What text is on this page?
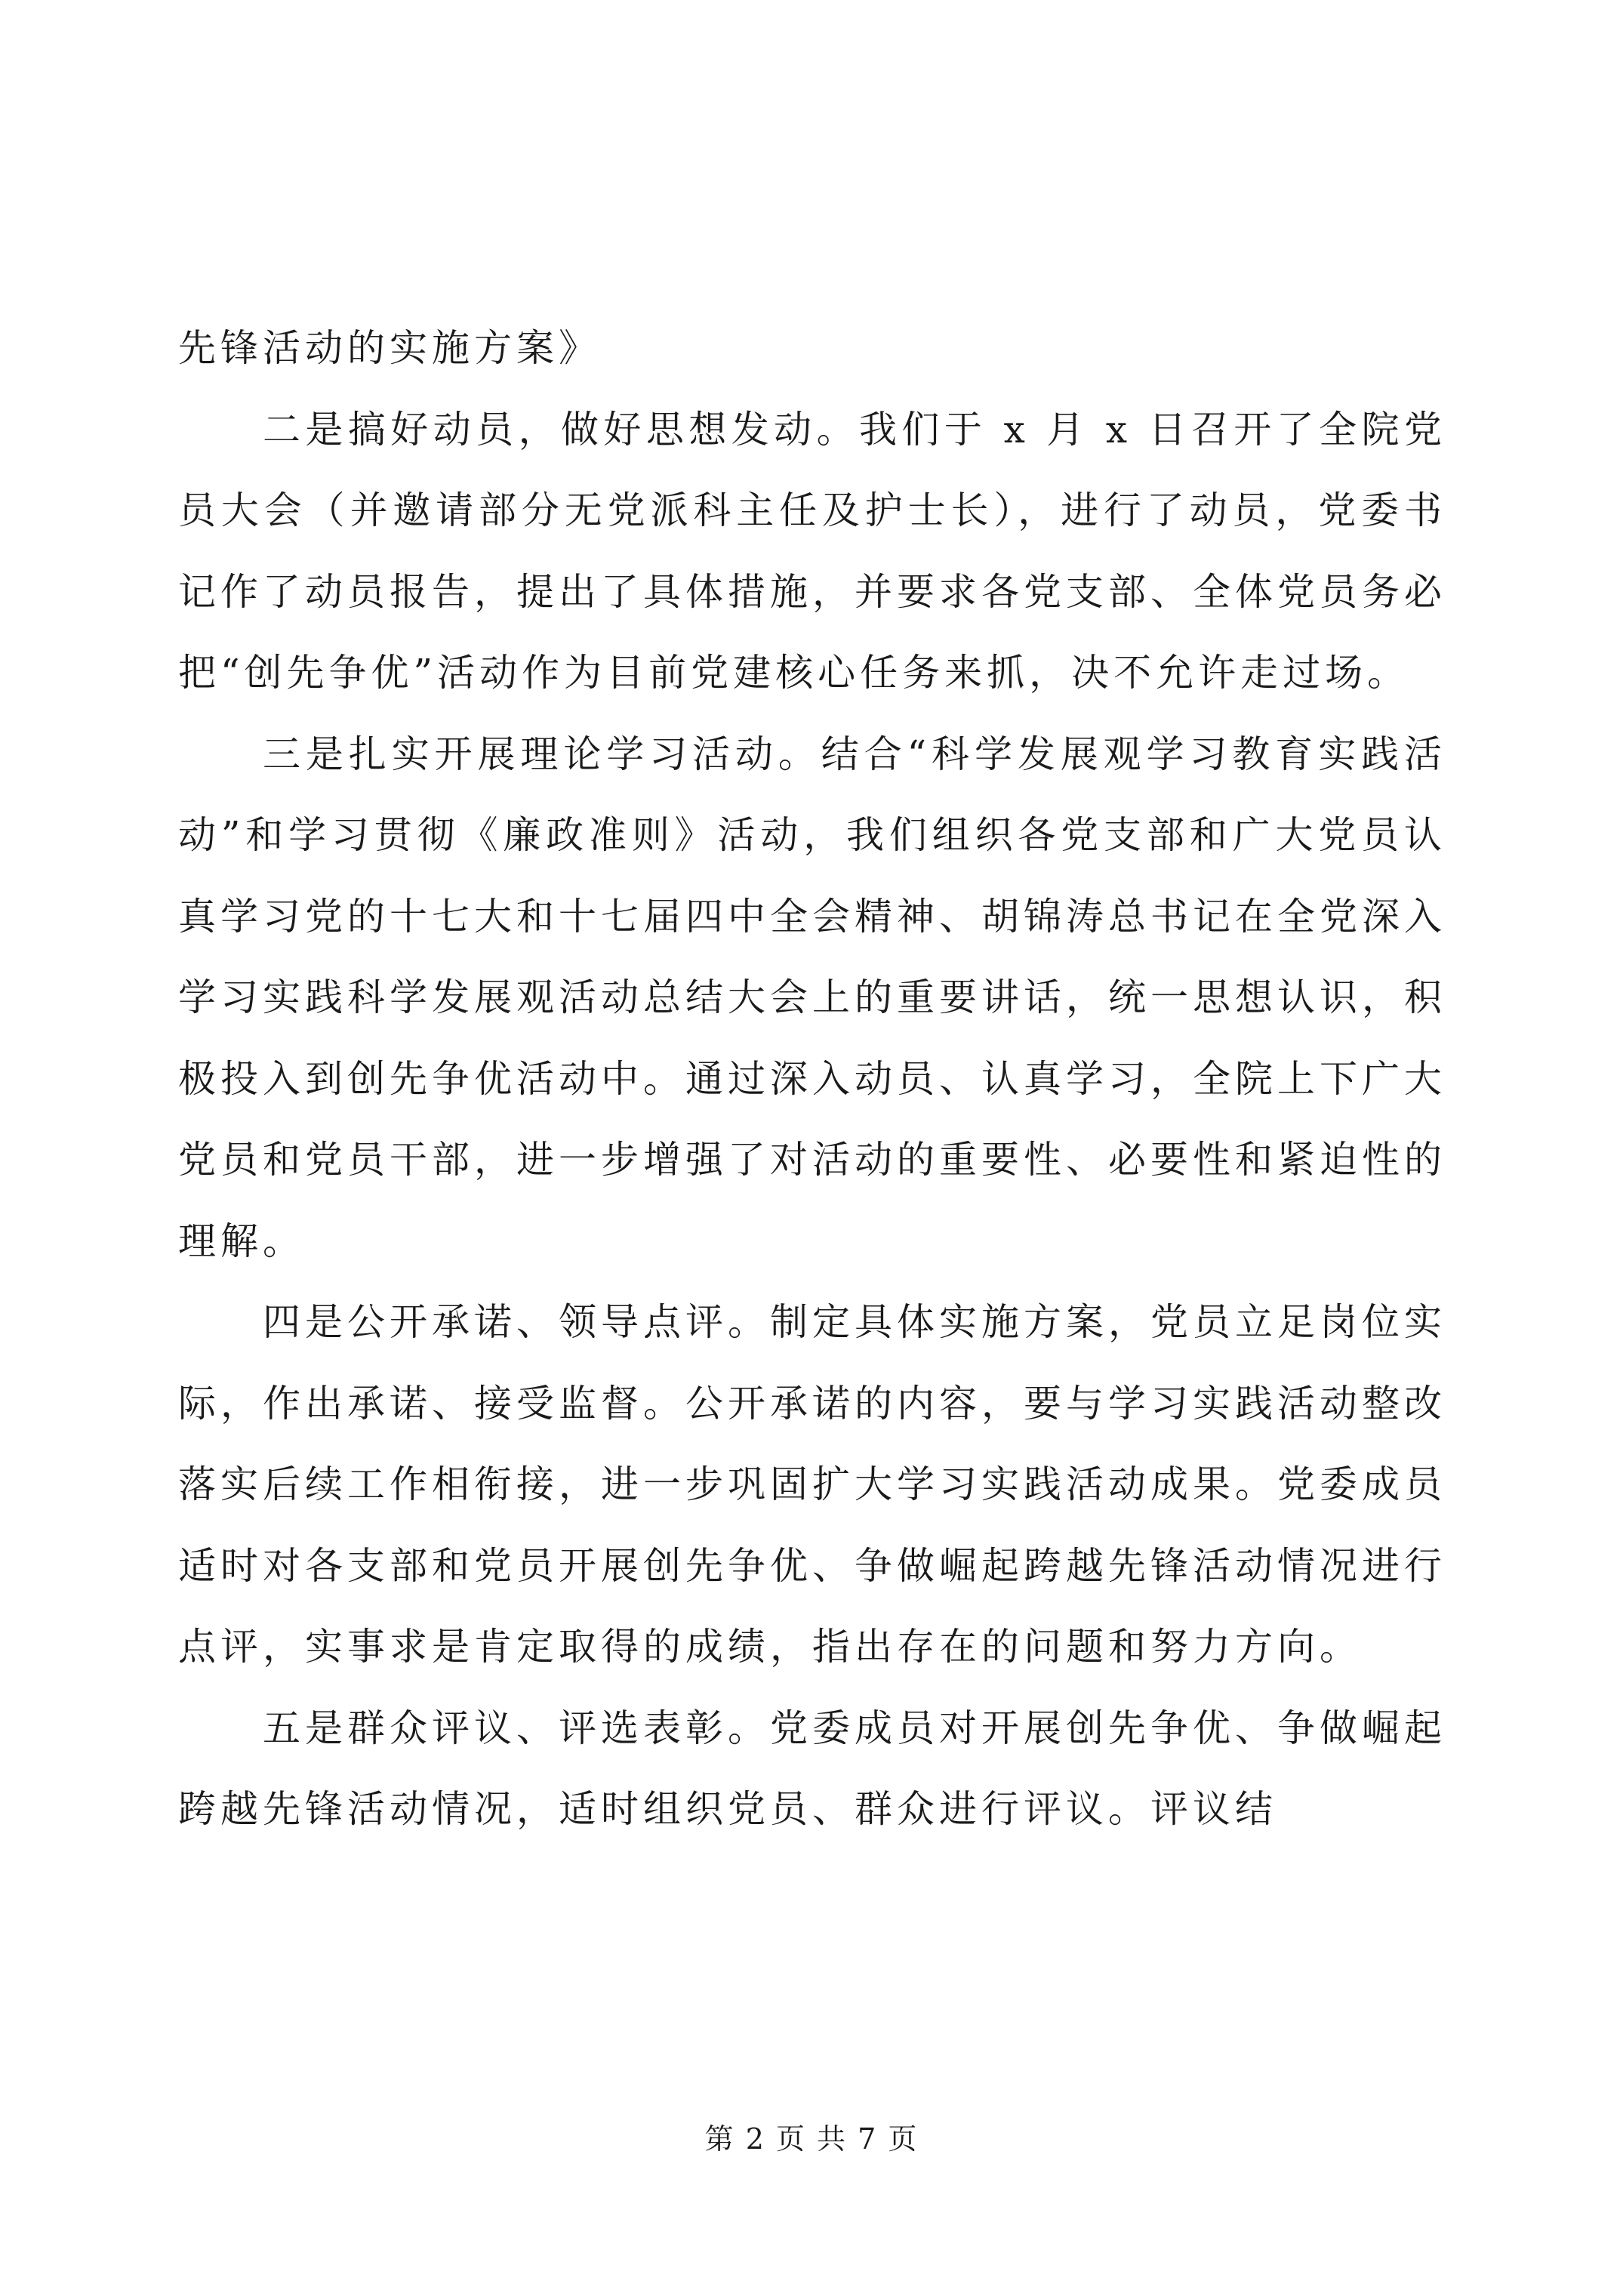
先锋活动的实施方案》

二是搞好动员，做好思想发动。我们于 x 月 x 日召开了全院党员大会（并邀请部分无党派科主任及护士长），进行了动员，党委书记作了动员报告，提出了具体措施，并要求各党支部、全体党员务必把“创先争优”活动作为目前党建核心任务来抓，决不允许走过场。

三是扎实开展理论学习活动。结合“科学发展观学习教育实践活动”和学习贯彻《廉政准则》活动，我们组织各党支部和广大党员认真学习党的十七大和十七届四中全会精神、胡锦涛总书记在全党深入学习实践科学发展观活动总结大会上的重要讲话，统一思想认识，积极投入到创先争优活动中。通过深入动员、认真学习，全院上下广大党员和党员干部，进一步增强了对活动的重要性、必要性和紧迫性的理解。

四是公开承诺、领导点评。制定具体实施方案，党员立足岗位实际，作出承诺、接受监督。公开承诺的内容，要与学习实践活动整改落实后续工作相衔接，进一步巩固扩大学习实践活动成果。党委成员适时对各支部和党员开展创先争优、争做崛起跨越先锋活动情况进行点评，实事求是肯定取得的成绩，指出存在的问题和努力方向。

五是群众评议、评选表彰。党委成员对开展创先争优、争做崛起跨越先锋活动情况，适时组织党员、群众进行评议。评议结

第 2 页 共 7 页
